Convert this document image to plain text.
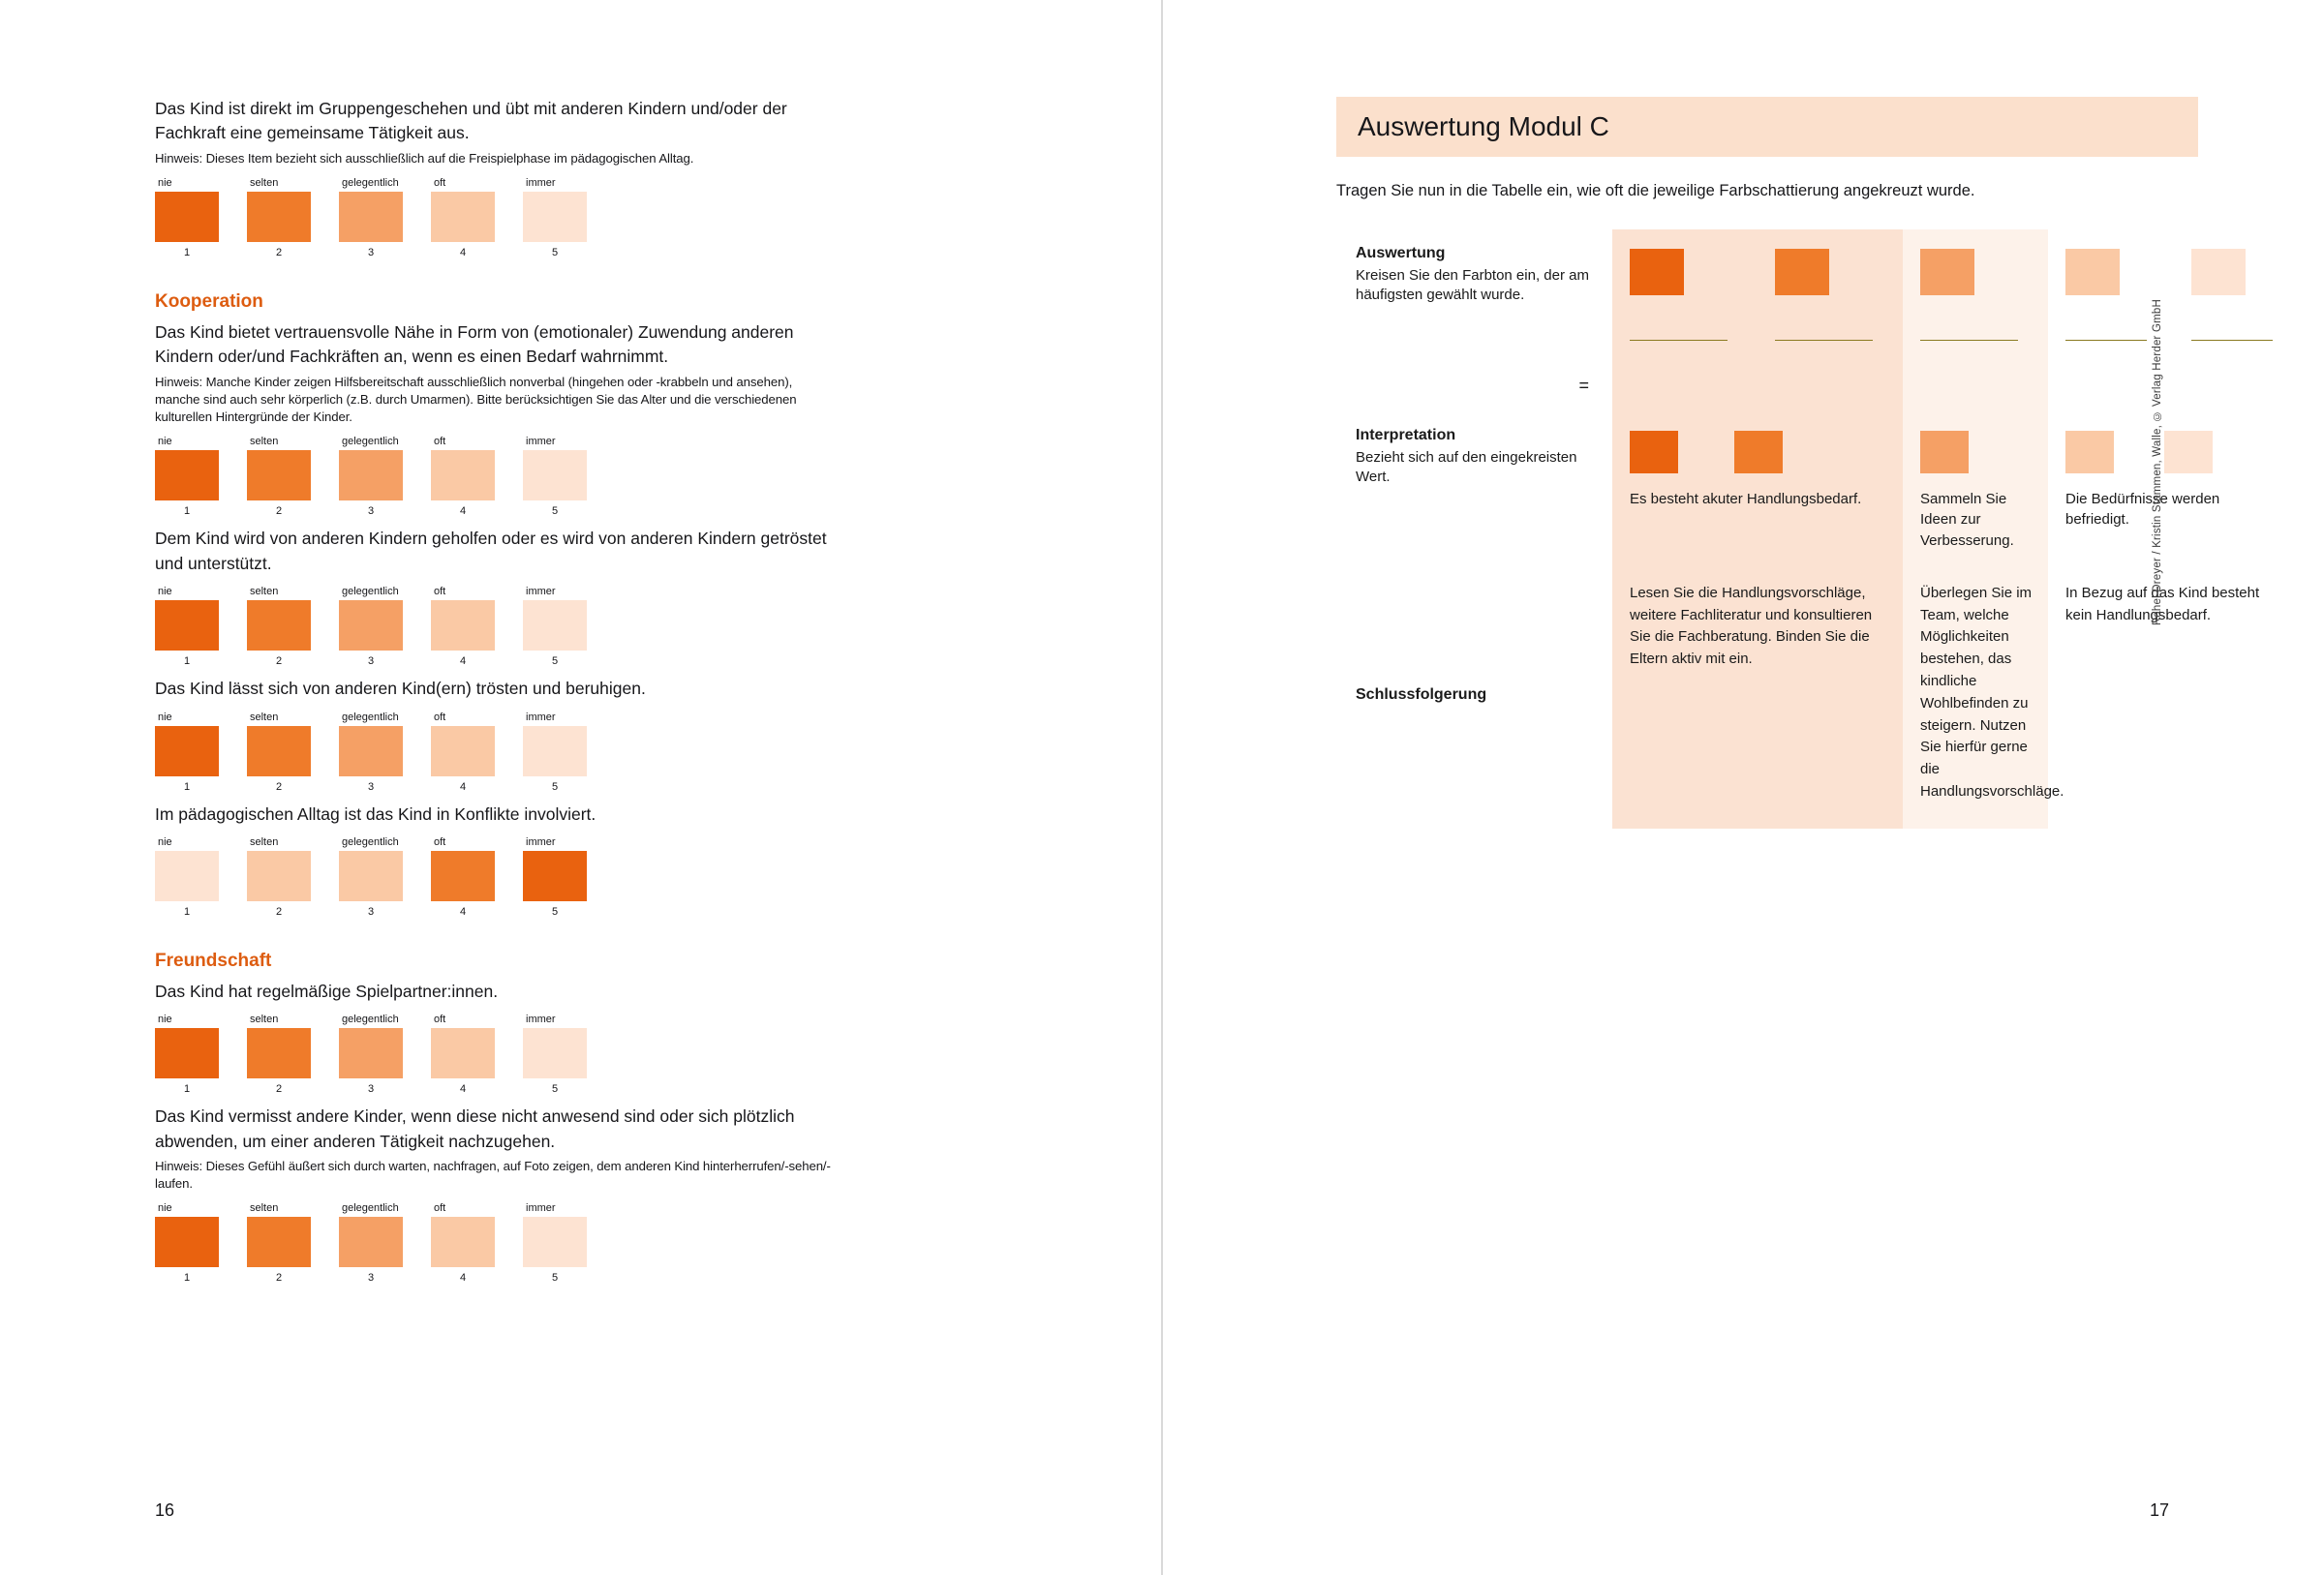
Das Kind ist direkt im Gruppengeschehen und übt mit anderen Kindern und/oder der Fachkraft eine gemeinsame Tätigkeit aus.

Hinweis: Dieses Item bezieht sich ausschließlich auf die Freispielphase im pädagogischen Alltag.

nie
1
selten
2
gelegentlich
3
oft
4
immer
5
Kooperation

Das Kind bietet vertrauensvolle Nähe in Form von (emotionaler) Zuwendung anderen Kindern oder/und Fachkräften an, wenn es einen Bedarf wahrnimmt.

Hinweis: Manche Kinder zeigen Hilfsbereitschaft ausschließlich nonverbal (hingehen oder -krabbeln und ansehen), manche sind auch sehr körperlich (z.B. durch Umarmen). Bitte berücksichtigen Sie das Alter und die verschiedenen kulturellen Hintergründe der Kinder.

nie
1
selten
2
gelegentlich
3
oft
4
immer
5

Dem Kind wird von anderen Kindern geholfen oder es wird von anderen Kindern getröstet und unterstützt.

nie
1
selten
2
gelegentlich
3
oft
4
immer
5

Das Kind lässt sich von anderen Kind(ern) trösten und beruhigen.

nie
1
selten
2
gelegentlich
3
oft
4
immer
5

Im pädagogischen Alltag ist das Kind in Konflikte involviert.

nie
1
selten
2
gelegentlich
3
oft
4
immer
5
Freundschaft

Das Kind hat regelmäßige Spielpartner:innen.

nie
1
selten
2
gelegentlich
3
oft
4
immer
5

Das Kind vermisst andere Kinder, wenn diese nicht anwesend sind oder sich plötzlich abwenden, um einer anderen Tätigkeit nachzugehen.

Hinweis: Dieses Gefühl äußert sich durch warten, nachfragen, auf Foto zeigen, dem anderen Kind hinterherrufen/-sehen/-laufen.

nie
1
selten
2
gelegentlich
3
oft
4
immer
5
16
Auswertung Modul C
Tragen Sie nun in die Tabelle ein, wie oft die jeweilige Farbschattierung angekreuzt wurde.
Auswertung
Kreisen Sie den Farbton ein, der am häufigsten gewählt wurde.
=					

Interpretation
Bezieht sich auf den eingekreisten Wert.	Es besteht akuter Handlungsbedarf.		Sammeln Sie Ideen zur Verbesserung.	Die Bedürfnisse werden befriedigt.	

Schlussfolgerung	Lesen Sie die Handlungsvorschläge, weitere Fachliteratur und konsultieren Sie die Fachberatung. Binden Sie die Eltern aktiv mit ein.		Überlegen Sie im Team, welche Möglichkeiten bestehen, das kindliche Wohlbefinden zu steigern. Nutzen Sie hierfür gerne die Handlungsvorschläge.	In Bezug auf das Kind besteht kein Handlungsbedarf.	
Rahel Dreyer / Kristin Stammen, Walle, © Verlag Herder GmbH
17
